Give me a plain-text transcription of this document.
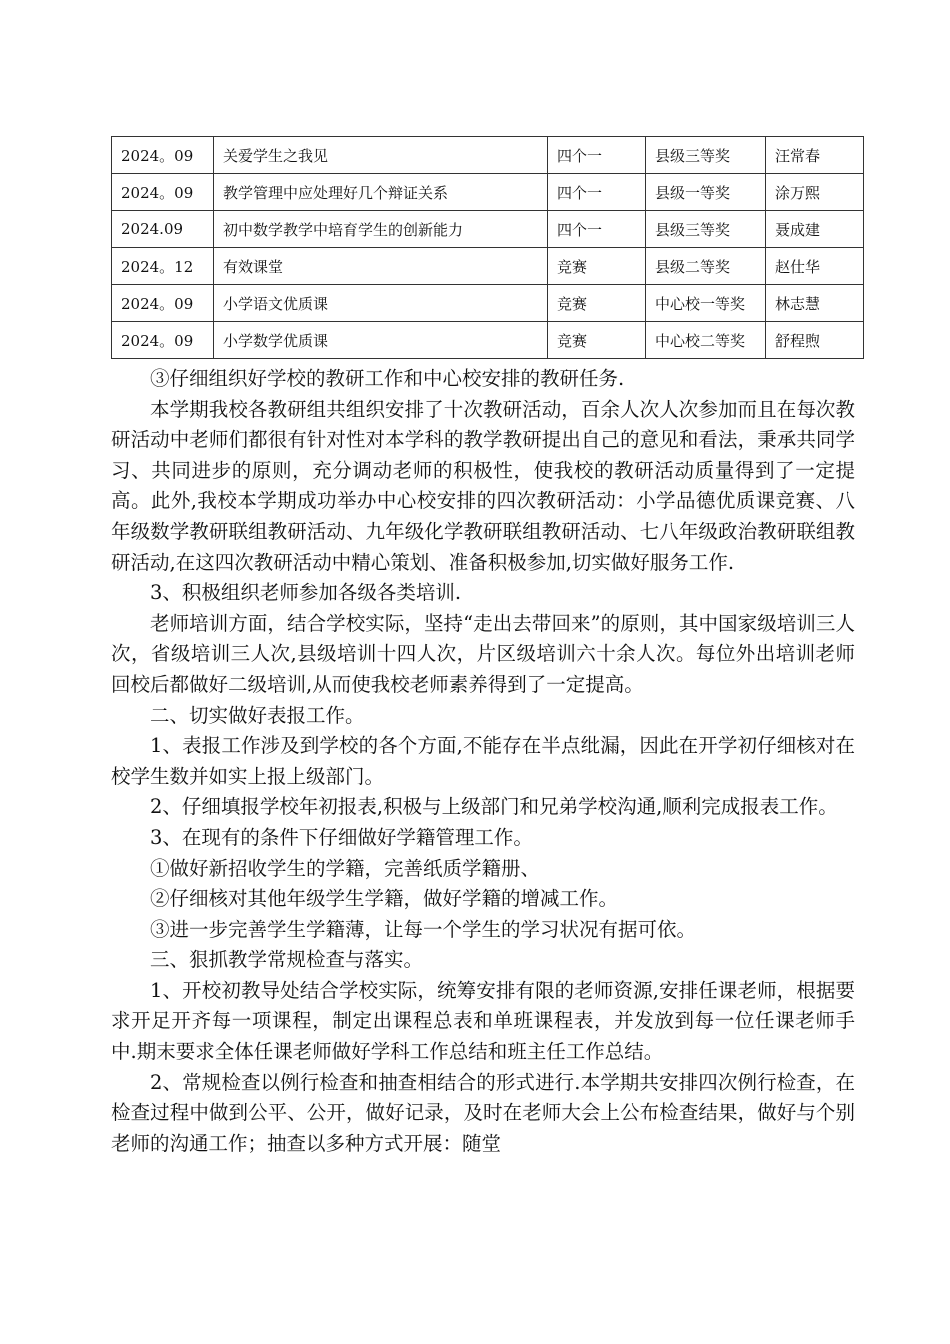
2024。09	关爱学生之我见	四个一	县级三等奖	汪常春
2024。09	教学管理中应处理好几个辩证关系	四个一	县级一等奖	涂万熙
2024.09	初中数学教学中培育学生的创新能力	四个一	县级三等奖	聂成建
2024。12	有效课堂	竞赛	县级二等奖	赵仕华
2024。09	小学语文优质课	竞赛	中心校一等奖	林志慧
2024。09	小学数学优质课	竞赛	中心校二等奖	舒程煦

③仔细组织好学校的教研工作和中心校安排的教研任务.

本学期我校各教研组共组织安排了十次教研活动，百余人次人次参加而且在每次教研活动中老师们都很有针对性对本学科的教学教研提出自己的意见和看法，秉承共同学习、共同进步的原则，充分调动老师的积极性，使我校的教研活动质量得到了一定提高。此外,我校本学期成功举办中心校安排的四次教研活动：小学品德优质课竞赛、八年级数学教研联组教研活动、九年级化学教研联组教研活动、七八年级政治教研联组教研活动,在这四次教研活动中精心策划、准备积极参加,切实做好服务工作.

3、积极组织老师参加各级各类培训.

老师培训方面，结合学校实际，坚持“走出去带回来”的原则，其中国家级培训三人次，省级培训三人次,县级培训十四人次，片区级培训六十余人次。每位外出培训老师回校后都做好二级培训,从而使我校老师素养得到了一定提高。

二、切实做好表报工作。

1、表报工作涉及到学校的各个方面,不能存在半点纰漏，因此在开学初仔细核对在校学生数并如实上报上级部门。

2、仔细填报学校年初报表,积极与上级部门和兄弟学校沟通,顺利完成报表工作。

3、在现有的条件下仔细做好学籍管理工作。

①做好新招收学生的学籍，完善纸质学籍册、

②仔细核对其他年级学生学籍，做好学籍的增减工作。

③进一步完善学生学籍薄，让每一个学生的学习状况有据可依。

三、狠抓教学常规检查与落实。

1、开校初教导处结合学校实际，统筹安排有限的老师资源,安排任课老师，根据要求开足开齐每一项课程，制定出课程总表和单班课程表，并发放到每一位任课老师手中.期末要求全体任课老师做好学科工作总结和班主任工作总结。

2、常规检查以例行检查和抽查相结合的形式进行.本学期共安排四次例行检查，在检查过程中做到公平、公开，做好记录，及时在老师大会上公布检查结果，做好与个别老师的沟通工作；抽查以多种方式开展：随堂
